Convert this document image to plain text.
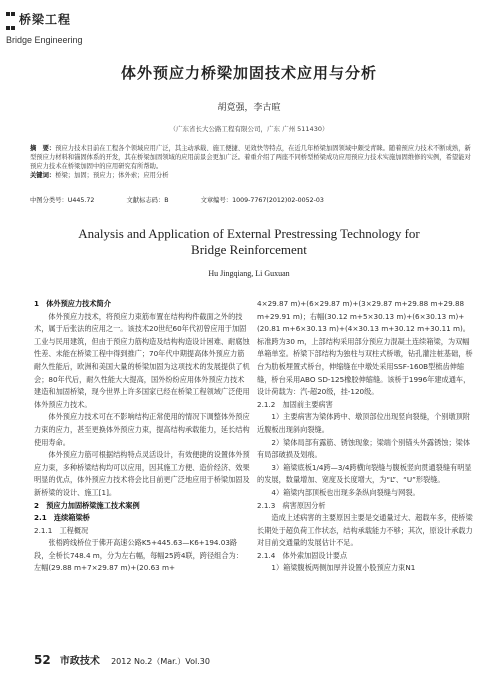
桥梁工程
Bridge Engineering
体外预应力桥梁加固技术应用与分析
胡竟强，李古暄
（广东省长大公路工程有限公司，广东 广州 511430）
摘　要：预应力技术目前在工程各个领域应用广泛，其主动承载、施工便捷、见效快等特点，在近几年桥梁加固领域中颇受青睐。随着预应力技术不断成熟，新型预应力材料和锚固体系的开发，其在桥梁加固领域的应用前景会更加广泛。着重介绍了两座不同桥型桥梁成功应用预应力技术实施加固维修的实例，希望能对预应力技术在桥梁加固中的应用研究有所帮助。
关键词：桥梁；加固；预应力；体外索；应用分析
中图分类号：U445.72	文献标志码：B	文章编号：1009-7767(2012)02-0052-03
Analysis and Application of External Prestressing Technology for
Bridge Reinforcement
Hu Jingqiang, Li Guxuan

1　体外预应力技术简介

体外预应力技术，将预应力束筋布置在结构构件截面之外的技术，属于后张法的应用之一。该技术20世纪60年代初曾应用于加固工业与民用建筑，但由于预应力筋构造及结构构造设计困难、耐腐蚀性差、未能在桥梁工程中得到推广；70年代中期提高体外预应力筋耐久性能后，欧洲和美国大量的桥梁加固为这项技术的发展提供了机会；80年代后，耐久性能大大提高，国外纷纷应用体外预应力技术建造和加固桥梁，现今世界上许多国家已经在桥梁工程领域广泛使用体外预应力技术。

体外预应力技术可在不影响结构正常使用的情况下调整体外预应力束的应力，甚至更换体外预应力束，提高结构承载能力，延长结构使用寿命。

体外预应力筋可根据结构特点灵活设计，有效便捷的设置体外预应力束，多种桥梁结构均可以应用，因其施工方便、造价经济、效果明显的优点，体外预应力技术将会比目前更广泛地应用于桥梁加固及新桥梁的设计、施工[1]。

2　预应力加固桥梁施工技术案例

2.1　连续箱梁桥

2.1.1　工程概况

张梧跨线桥位于佛开高速公路K5+445.63—K6+194.03路段，全桥长748.4 m，分为左右幅，每幅25跨4联，跨径组合为：左幅(29.88 m+7×29.87 m)+(20.63 m+

4×29.87 m)+(6×29.87 m)+(3×29.87 m+29.88 m+29.88 m+29.91 m)；右幅(30.12 m+5×30.13 m)+(6×30.13 m)+(20.81 m+6×30.13 m)+(4×30.13 m+30.12 m+30.11 m)。标准跨为30 m，上部结构采用部分预应力混凝土连续箱梁，为双幅单箱单室。桥梁下部结构为独柱与双柱式桥墩，钻孔灌注桩基础，桥台为肋板埋置式桥台，伸缩缝在中墩处采用SSF-160B型梳齿伸缩缝，桥台采用ABO SD-125橡胶伸缩缝。该桥于1996年建成通车，设计荷载为：汽-超20级，挂-120级。

2.1.2　加固前主要病害

1）主要病害为梁体跨中、墩顶部位出现竖向裂缝，个别墩顶附近腹板出现斜向裂缝。

2）梁体局部有露筋、锈蚀现象；梁端个别锚头外露锈蚀；梁体有局部破损及划痕。

3）箱梁底板1/4跨—3/4跨横向裂缝与腹板竖向贯通裂缝有明显的发展，数量增加、宽度及长度增大，为“L”、“U”形裂缝。

4）箱梁内部顶板也出现多条纵向裂缝与网裂。

2.1.3　病害原因分析

造成上述病害的主要原因主要是交通量过大、超载车多，使桥梁长期处于超负荷工作状态，结构承载能力不够；其次，原设计承载力对目前交通量的发展估计不足。

2.1.4　体外索加固设计要点

1）箱梁腹板两侧加厚并设置小股预应力束N1

52 市政技术 2012 No.2（Mar.）Vol.30
